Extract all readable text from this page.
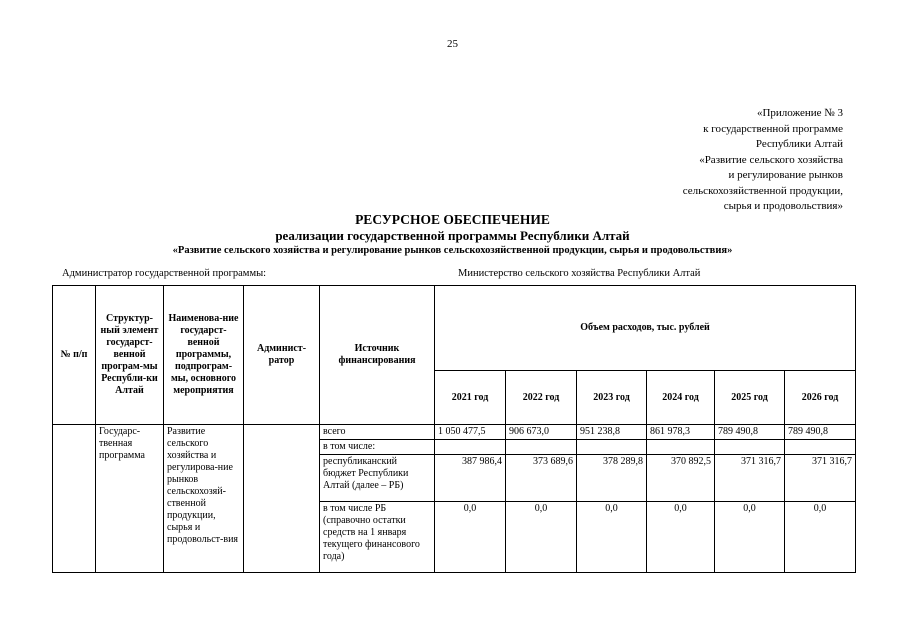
25
«Приложение № 3
к государственной программе
Республики Алтай
«Развитие сельского хозяйства
и регулирование рынков
сельскохозяйственной продукции,
сырья и продовольствия»
РЕСУРСНОЕ ОБЕСПЕЧЕНИЕ
реализации государственной программы Республики Алтай
«Развитие сельского хозяйства и регулирование рынков сельскохозяйственной продукции, сырья и продовольствия»
Администратор государственной программы:	Министерство сельского хозяйства Республики Алтай
№ п/п	Структур-ный элемент государст-венной програм-мы Республи-ки Алтай	Наименова-ние государст-венной программы, подпрограм-мы, основного мероприятия	Админист-ратор	Источник финансирования	Объем расходов, тыс. рублей					
					2021 год	2022 год	2023 год	2024 год	2025 год	2026 год
	Государс-твенная программа	Развитие сельского хозяйства и регулирова-ние рынков сельскохозяй-ственной продукции, сырья и продовольст-вия		всего	1 050 477,5	906 673,0	951 238,8	861 978,3	789 490,8	789 490,8
				в том числе:						
				республиканский бюджет Республики Алтай (далее – РБ)	387 986,4	373 689,6	378 289,8	370 892,5	371 316,7	371 316,7
				в том числе РБ (справочно остатки средств на 1 января текущего финансового года)	0,0	0,0	0,0	0,0	0,0	0,0
